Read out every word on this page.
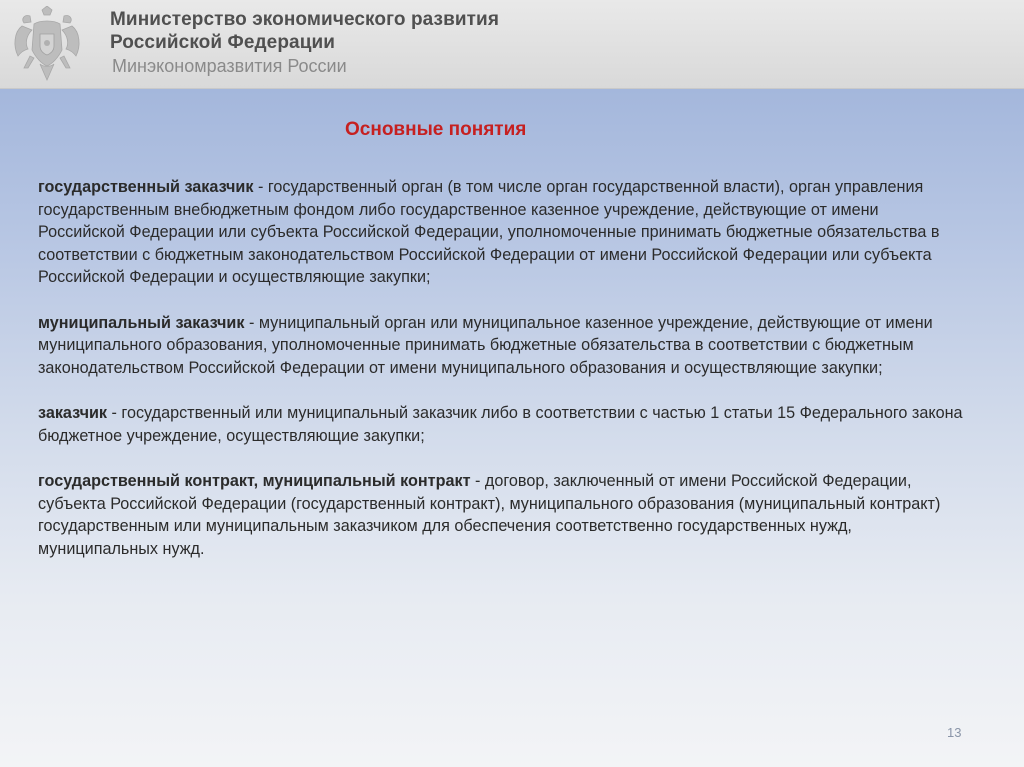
Министерство экономического развития
Российской Федерации
Минэкономразвития России
Основные понятия

государственный заказчик - государственный орган (в том числе орган государственной власти), орган управления государственным внебюджетным фондом либо государственное казенное учреждение, действующие от имени Российской Федерации или субъекта Российской Федерации, уполномоченные принимать бюджетные обязательства в соответствии с бюджетным законодательством Российской Федерации от имени Российской Федерации или субъекта Российской Федерации и осуществляющие закупки;

муниципальный заказчик - муниципальный орган или муниципальное казенное учреждение, действующие от имени муниципального образования, уполномоченные принимать бюджетные обязательства в соответствии с бюджетным законодательством Российской Федерации от имени муниципального образования и осуществляющие закупки;

заказчик - государственный или муниципальный заказчик либо в соответствии с частью 1 статьи 15 Федерального закона бюджетное учреждение, осуществляющие закупки;

государственный контракт, муниципальный контракт - договор, заключенный от имени Российской Федерации, субъекта Российской Федерации (государственный контракт), муниципального образования (муниципальный контракт) государственным или муниципальным заказчиком для обеспечения соответственно государственных нужд, муниципальных нужд.

13
